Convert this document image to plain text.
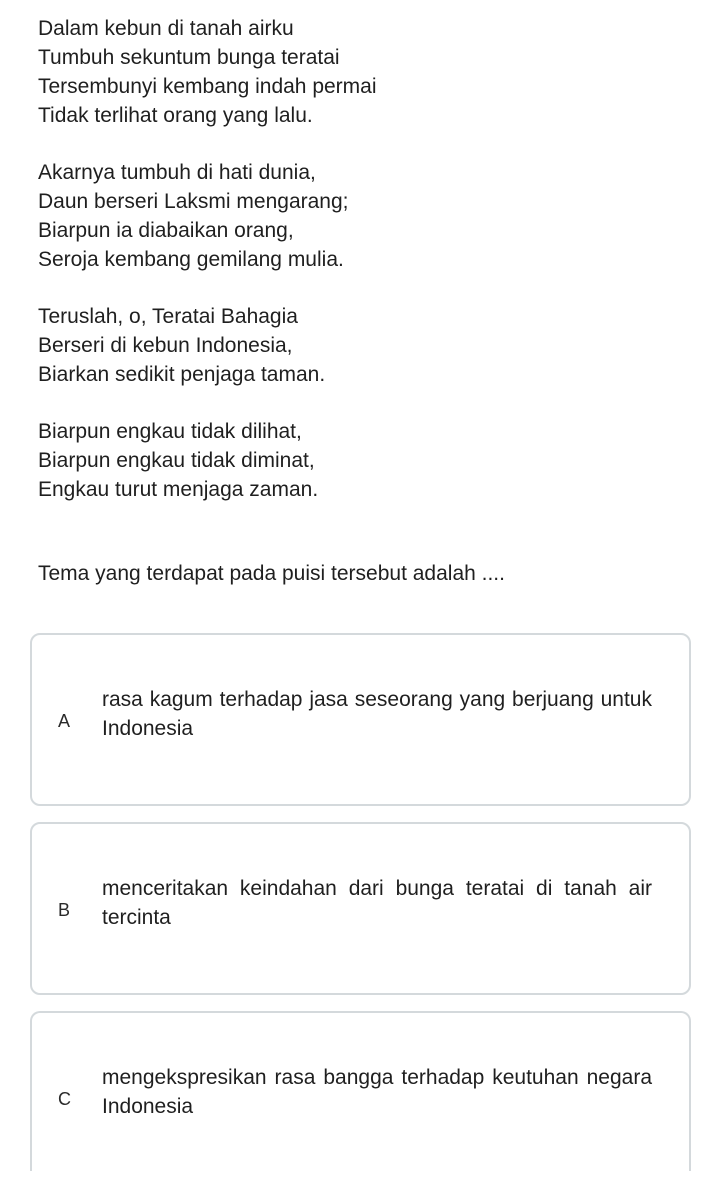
Dalam kebun di tanah airku
Tumbuh sekuntum bunga teratai
Tersembunyi kembang indah permai
Tidak terlihat orang yang lalu.
Akarnya tumbuh di hati dunia,
Daun berseri Laksmi mengarang;
Biarpun ia diabaikan orang,
Seroja kembang gemilang mulia.
Teruslah, o, Teratai Bahagia
Berseri di kebun Indonesia,
Biarkan sedikit penjaga taman.
Biarpun engkau tidak dilihat,
Biarpun engkau tidak diminat,
Engkau turut menjaga zaman.
Tema yang terdapat pada puisi tersebut adalah ....
A
rasa kagum terhadap jasa seseorang yang berjuang untuk Indonesia
B
menceritakan keindahan dari bunga teratai di tanah air tercinta
C
mengekspresikan rasa bangga terhadap keutuhan negara Indonesia
